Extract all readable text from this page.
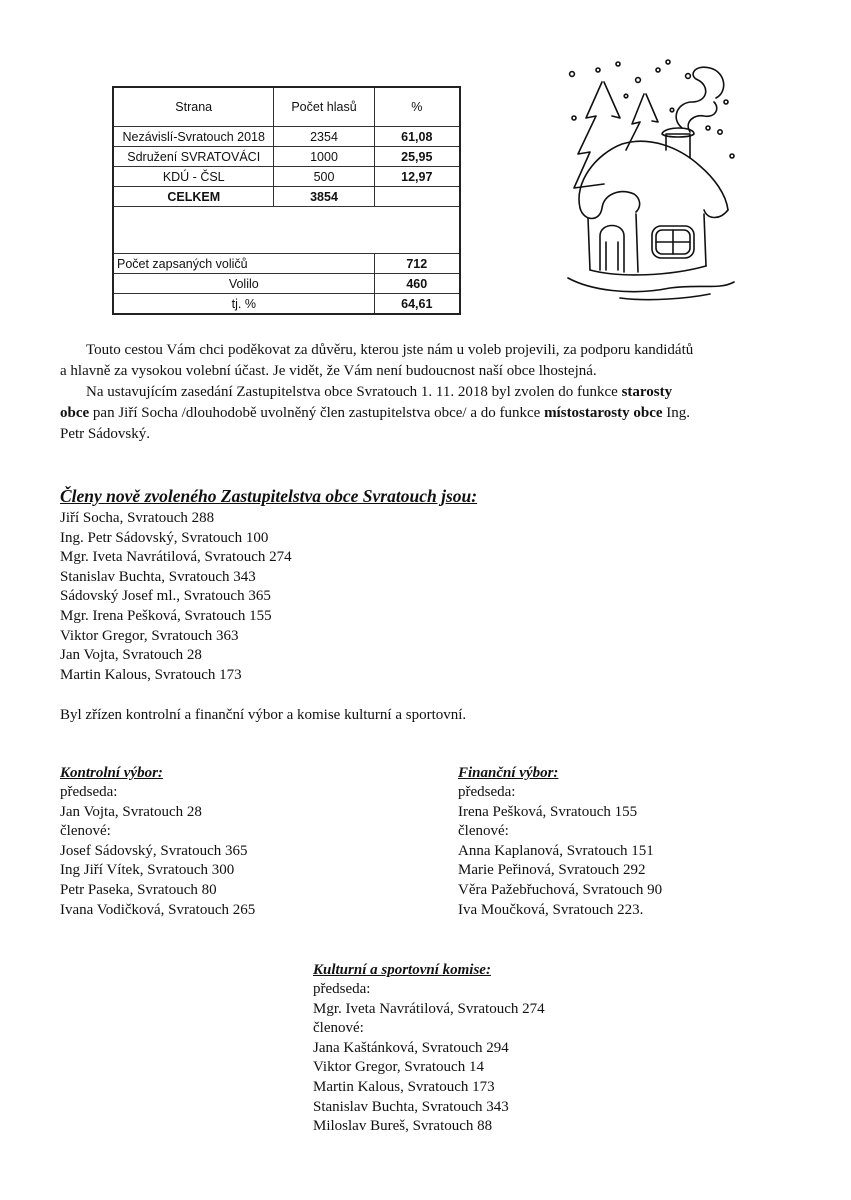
Strana	Počet hlasů	%
Nezávislí-Svratouch 2018	2354	61,08
Sdružení SVRATOVÁCI	1000	25,95
KDÚ - ČSL	500	12,97
CELKEM	3854	

Počet zapsaných voličů		712
Volilo		460
tj. %		64,61
Touto cestou Vám chci poděkovat za důvěru, kterou jste nám u voleb projevili, za podporu kandidátů
a hlavně za vysokou volební účast. Je vidět, že Vám není budoucnost naší obce lhostejná.
Na ustavujícím zasedání Zastupitelstva obce Svratouch 1. 11. 2018 byl zvolen do funkce starosty
obce pan Jiří Socha /dlouhodobě uvolněný člen zastupitelstva obce/ a do funkce místostarosty obce Ing.
Petr Sádovský.
Členy nově zvoleného Zastupitelstva obce Svratouch jsou:
Jiří Socha, Svratouch 288
Ing. Petr Sádovský, Svratouch 100
Mgr. Iveta Navrátilová, Svratouch 274
Stanislav Buchta, Svratouch 343
Sádovský Josef ml., Svratouch 365
Mgr. Irena Pešková, Svratouch 155
Viktor Gregor, Svratouch 363
Jan Vojta, Svratouch 28
Martin Kalous, Svratouch 173
Byl zřízen kontrolní a finanční výbor a komise kulturní a sportovní.
Kontrolní výbor:
předseda:
Jan Vojta, Svratouch 28
členové:
Josef Sádovský, Svratouch 365
Ing Jiří Vítek, Svratouch 300
Petr Paseka, Svratouch 80
Ivana Vodičková, Svratouch 265
Finanční výbor:
předseda:
Irena Pešková, Svratouch 155
členové:
Anna Kaplanová, Svratouch 151
Marie Peřinová, Svratouch 292
Věra Pažebřuchová, Svratouch 90
Iva Moučková, Svratouch 223.
Kulturní a sportovní komise:
předseda:
Mgr. Iveta Navrátilová, Svratouch 274
členové:
Jana Kaštánková, Svratouch 294
Viktor Gregor, Svratouch 14
Martin Kalous, Svratouch 173
Stanislav Buchta, Svratouch 343
Miloslav Bureš, Svratouch 88
